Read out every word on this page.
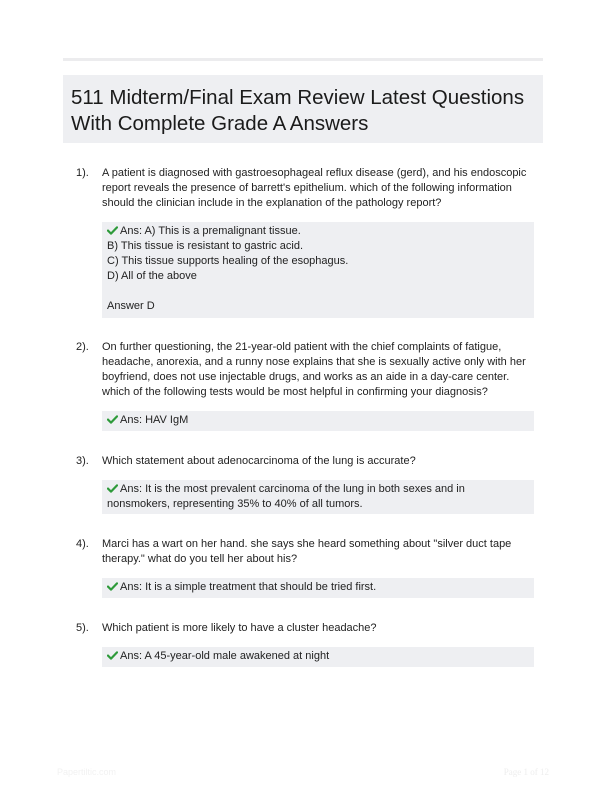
511 Midterm/Final Exam Review Latest Questions With Complete Grade A Answers
1). A patient is diagnosed with gastroesophageal reflux disease (gerd), and his endoscopic report reveals the presence of barrett's epithelium. which of the following information should the clinician include in the explanation of the pathology report?
Ans: A) This is a premalignant tissue.
B) This tissue is resistant to gastric acid.
C) This tissue supports healing of the esophagus.
D) All of the above
Answer D
2). On further questioning, the 21-year-old patient with the chief complaints of fatigue, headache, anorexia, and a runny nose explains that she is sexually active only with her boyfriend, does not use injectable drugs, and works as an aide in a day-care center. which of the following tests would be most helpful in confirming your diagnosis?
Ans: HAV IgM
3). Which statement about adenocarcinoma of the lung is accurate?
Ans: It is the most prevalent carcinoma of the lung in both sexes and in nonsmokers, representing 35% to 40% of all tumors.
4). Marci has a wart on her hand. she says she heard something about "silver duct tape therapy." what do you tell her about his?
Ans: It is a simple treatment that should be tried first.
5). Which patient is more likely to have a cluster headache?
Ans: A 45-year-old male awakened at night
Papertiltic.com	Page 1 of 12
